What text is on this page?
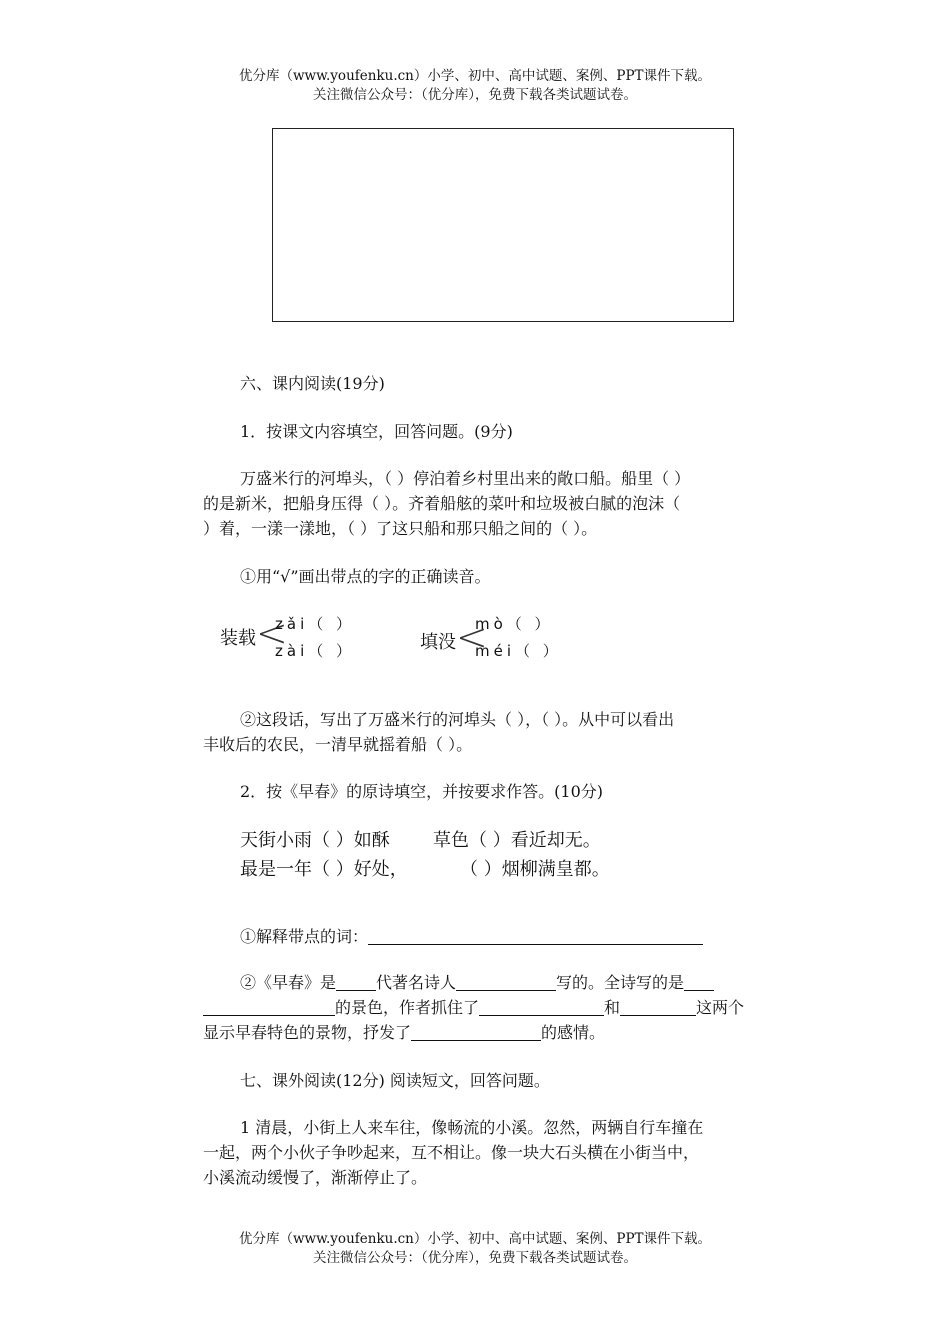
优分库（www.youfenku.cn）小学、初中、高中试题、案例、PPT课件下载。
关注微信公众号：（优分库），免费下载各类试题试卷。
六、课内阅读(19分)
1．按课文内容填空，回答问题。(9分)
万盛米行的河埠头，（ ）停泊着乡村里出来的敞口船。船里（ ）
的是新米，把船身压得（ ）。齐着船舷的菜叶和垃圾被白腻的泡沫（
）着，一漾一漾地，（ ）了这只船和那只船之间的（ ）。
①用“√”画出带点的字的正确读音。
装载 <
zǎi（ ）
zài（ ）	填没 <
mò（ ）
méi（ ）
②这段话，写出了万盛米行的河埠头（ ），（ ）。从中可以看出
丰收后的农民，一清早就摇着船（ ）。
2．按《早春》的原诗填空，并按要求作答。(10分)
天街小雨（ ）如酥 草色（ ）看近却无。
最是一年（ ）好处，	（ ）烟柳满皇都。
①解释带点的词：
②《早春》是	代著名诗人	写的。全诗写的是
的景色，作者抓住了	和	这两个
显示早春特色的景物，抒发了	的感情。
七、课外阅读(12分) 阅读短文，回答问题。
1 清晨，小街上人来车往，像畅流的小溪。忽然，两辆自行车撞在
一起，两个小伙子争吵起来，互不相让。像一块大石头横在小街当中，
小溪流动缓慢了，渐渐停止了。
优分库（www.youfenku.cn）小学、初中、高中试题、案例、PPT课件下载。
关注微信公众号：（优分库），免费下载各类试题试卷。
